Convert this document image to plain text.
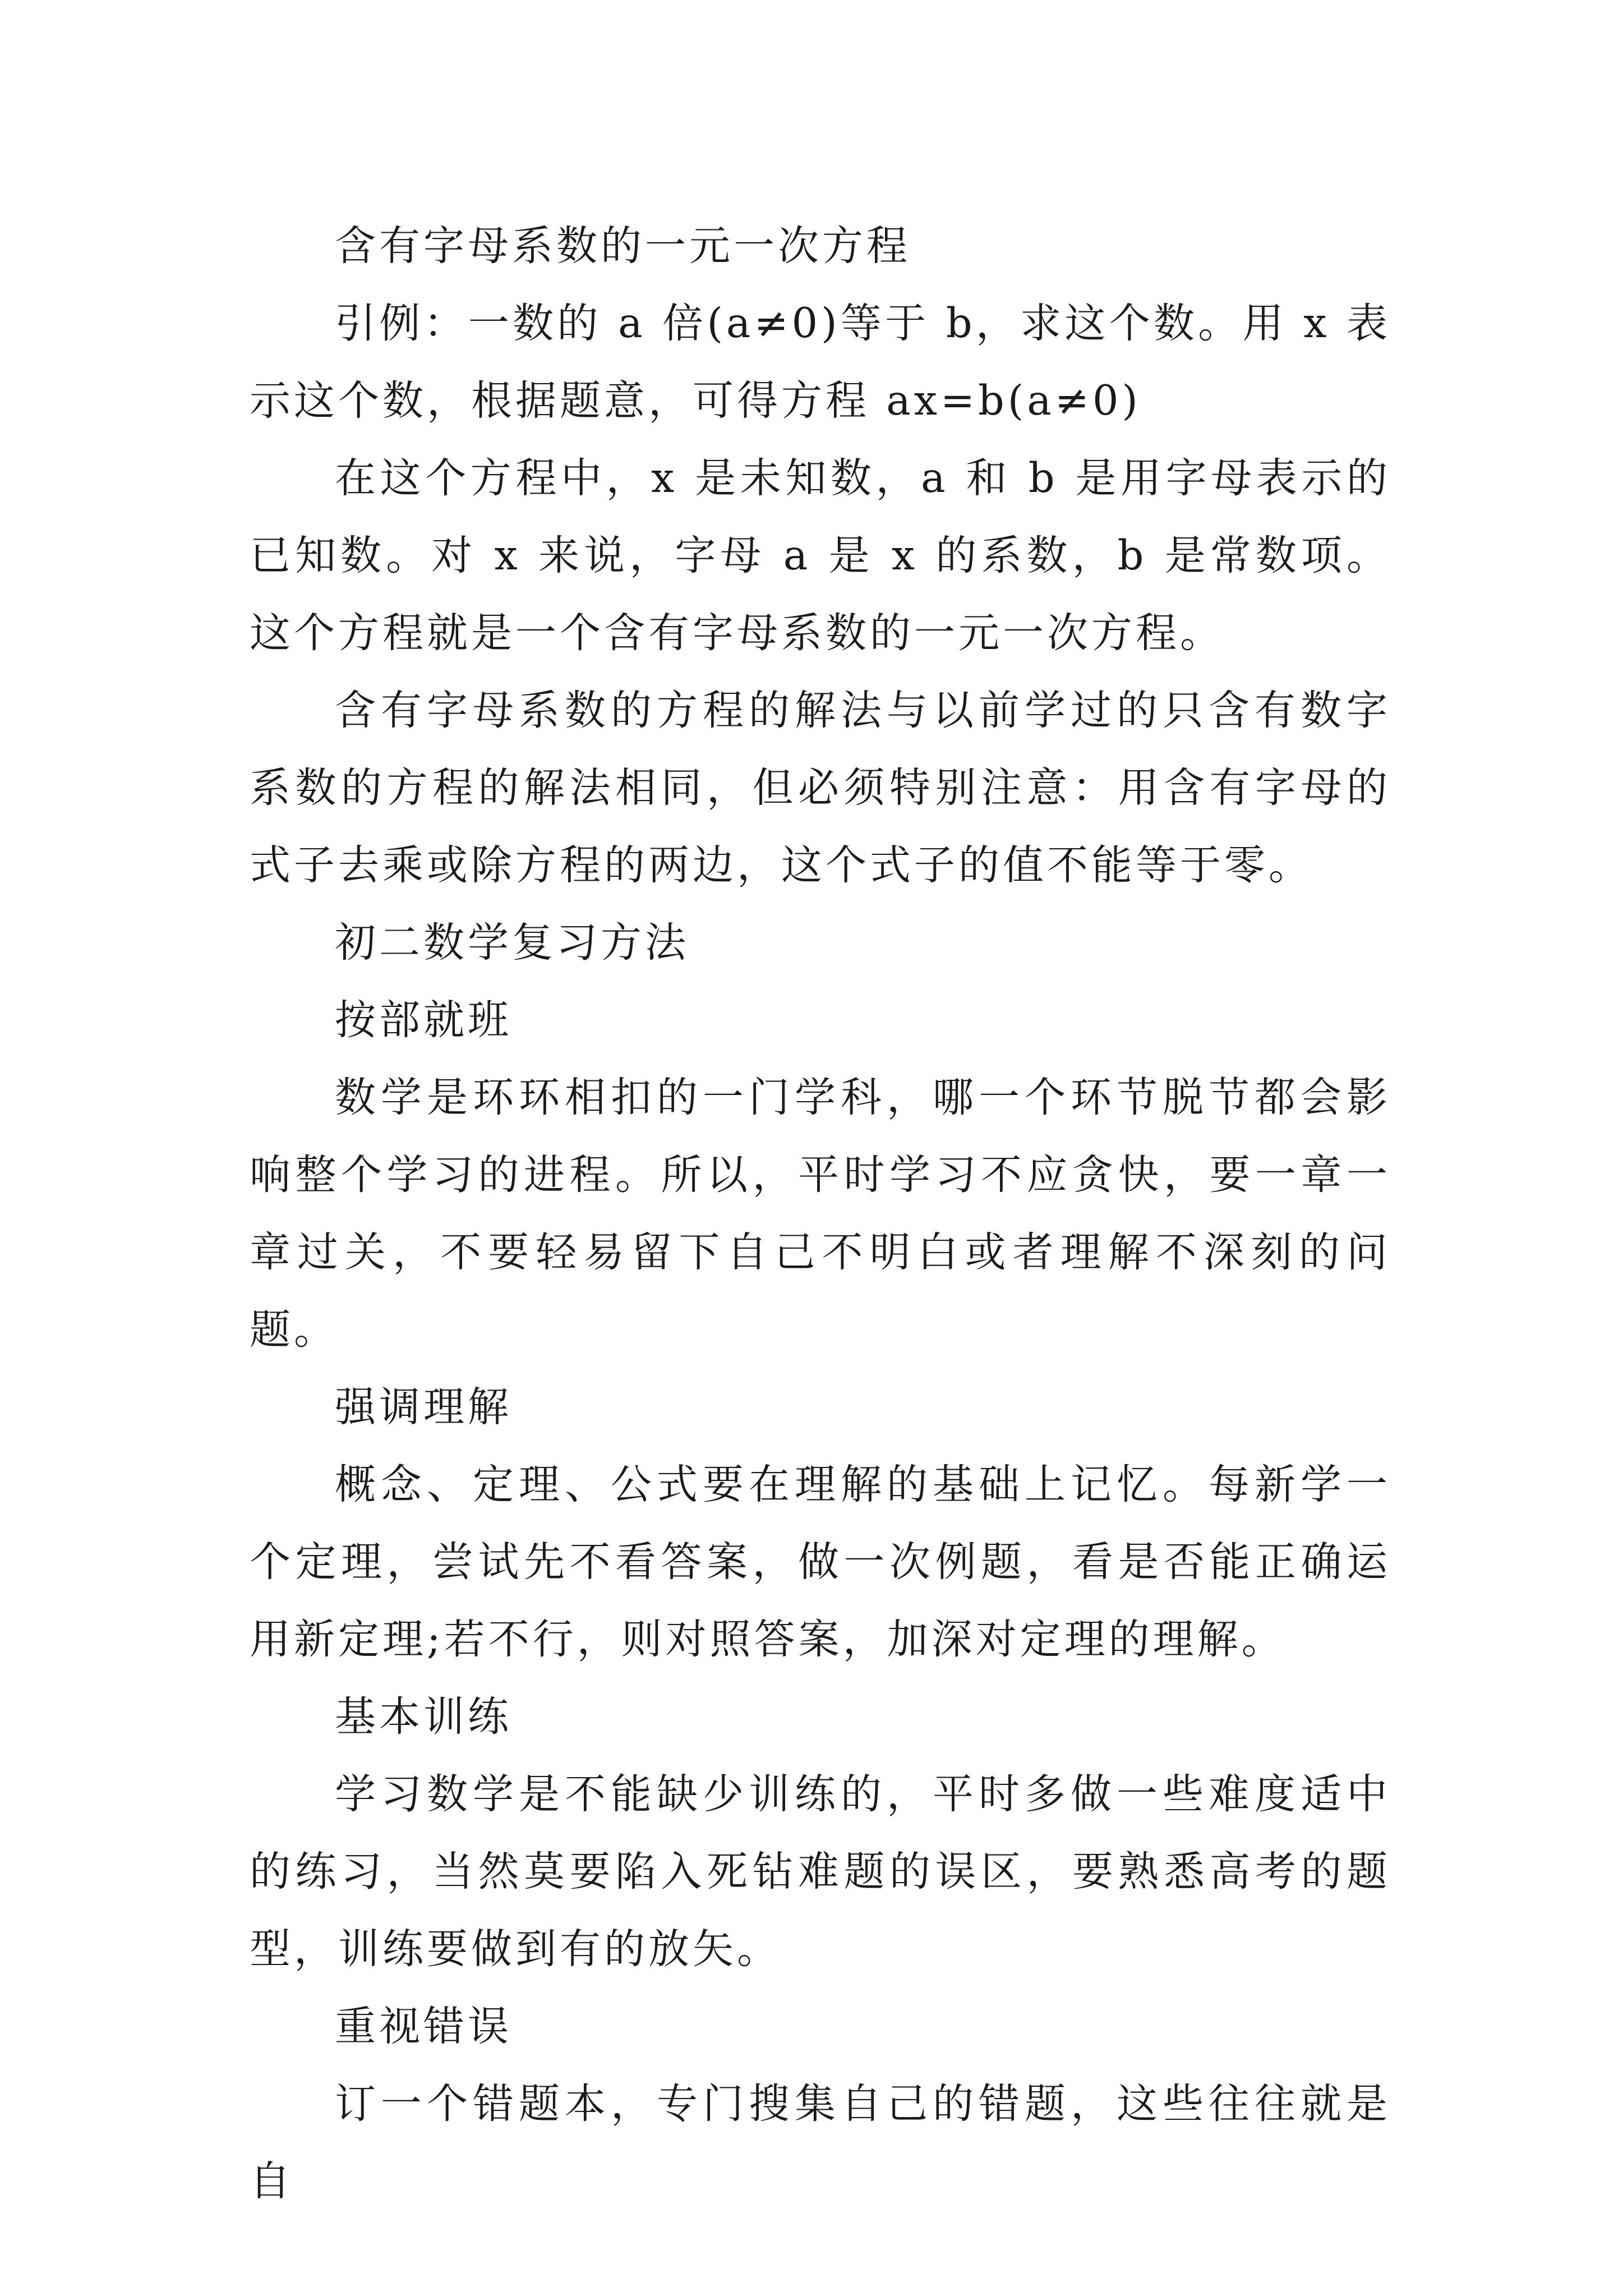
含有字母系数的一元一次方程

引例：一数的 a 倍(a≠0)等于 b，求这个数。用 x 表示这个数，根据题意，可得方程 ax=b(a≠0)

在这个方程中，x 是未知数，a 和 b 是用字母表示的已知数。对 x 来说，字母 a 是 x 的系数，b 是常数项。这个方程就是一个含有字母系数的一元一次方程。

含有字母系数的方程的解法与以前学过的只含有数字系数的方程的解法相同，但必须特别注意：用含有字母的式子去乘或除方程的两边，这个式子的值不能等于零。

初二数学复习方法

按部就班

数学是环环相扣的一门学科，哪一个环节脱节都会影响整个学习的进程。所以，平时学习不应贪快，要一章一章过关，不要轻易留下自己不明白或者理解不深刻的问题。

强调理解

概念、定理、公式要在理解的基础上记忆。每新学一个定理，尝试先不看答案，做一次例题，看是否能正确运用新定理;若不行，则对照答案，加深对定理的理解。

基本训练

学习数学是不能缺少训练的，平时多做一些难度适中的练习，当然莫要陷入死钻难题的误区，要熟悉高考的题型，训练要做到有的放矢。

重视错误

订一个错题本，专门搜集自己的错题，这些往往就是自
